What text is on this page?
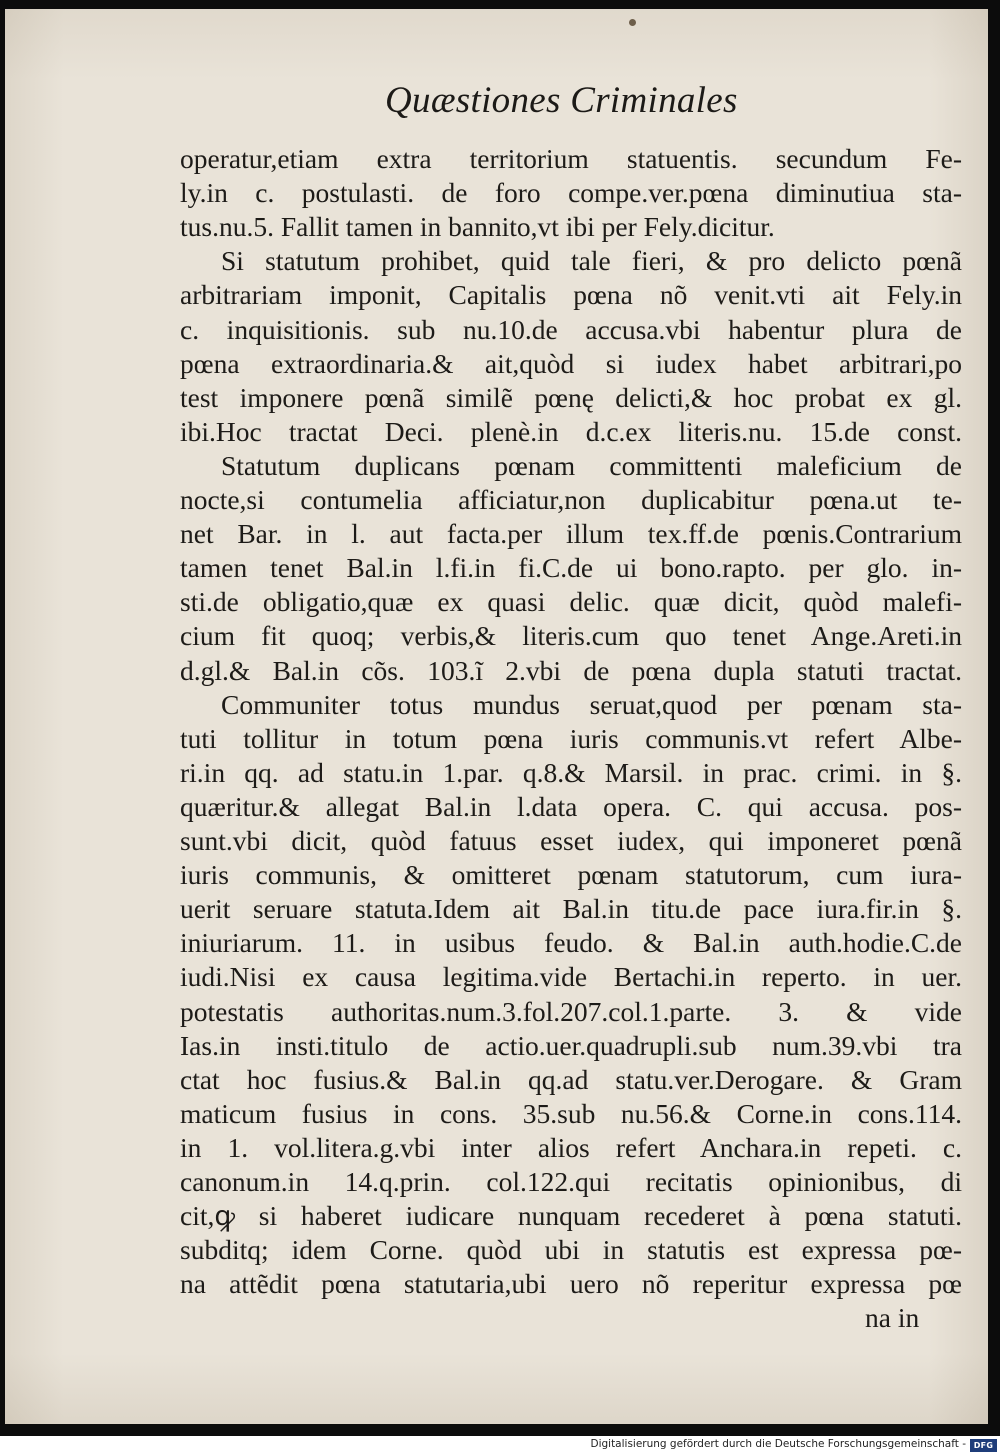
Quæstiones Criminales
operatur,etiam extra territorium statuentis. secundum Fe-
ly.in c. postulasti. de foro compe.ver.pœna diminutiua sta-
tus.nu.5. Fallit tamen in bannito,vt ibi per Fely.dicitur.
Si statutum prohibet, quid tale fieri, & pro delicto pœnã
arbitrariam imponit, Capitalis pœna nõ venit.vti ait Fely.in
c. inquisitionis. sub nu.10.de accusa.vbi habentur plura de
pœna extraordinaria.& ait,quòd si iudex habet arbitrari,po
test imponere pœnã similẽ pœnę delicti,& hoc probat ex gl.
ibi.Hoc tractat Deci. plenè.in d.c.ex literis.nu. 15.de const.
Statutum duplicans pœnam committenti maleficium de
nocte,si contumelia afficiatur,non duplicabitur pœna.ut te-
net Bar. in l. aut facta.per illum tex.ff.de pœnis.Contrarium
tamen tenet Bal.in l.fi.in fi.C.de ui bono.rapto. per glo. in-
sti.de obligatio,quæ ex quasi delic. quæ dicit, quòd malefi-
cium fit quoq; verbis,& literis.cum quo tenet Ange.Areti.in
d.gl.& Bal.in cõs. 103.ĩ 2.vbi de pœna dupla statuti tractat.
Communiter totus mundus seruat,quod per pœnam sta-
tuti tollitur in totum pœna iuris communis.vt refert Albe-
ri.in qq. ad statu.in 1.par. q.8.& Marsil. in prac. crimi. in §.
quæritur.& allegat Bal.in l.data opera. C. qui accusa. pos-
sunt.vbi dicit, quòd fatuus esset iudex, qui imponeret pœnã
iuris communis, & omitteret pœnam statutorum, cum iura-
uerit seruare statuta.Idem ait Bal.in titu.de pace iura.fir.in §.
iniuriarum. 11. in usibus feudo. & Bal.in auth.hodie.C.de
iudi.Nisi ex causa legitima.vide Bertachi.in reperto. in uer.
potestatis authoritas.num.3.fol.207.col.1.parte. 3. & vide
Ias.in insti.titulo de actio.uer.quadrupli.sub num.39.vbi tra
ctat hoc fusius.& Bal.in qq.ad statu.ver.Derogare. & Gram
maticum fusius in cons. 35.sub nu.56.& Corne.in cons.114.
in 1. vol.litera.g.vbi inter alios refert Anchara.in repeti. c.
canonum.in 14.q.prin. col.122.qui recitatis opinionibus, di
cit,ꝙ si haberet iudicare nunquam recederet à pœna statuti.
subditq; idem Corne. quòd ubi in statutis est expressa pœ-
na attẽdit pœna statutaria,ubi uero nõ reperitur expressa pœ
na in
Digitalisierung gefördert durch die Deutsche Forschungsgemeinschaft - DFG
